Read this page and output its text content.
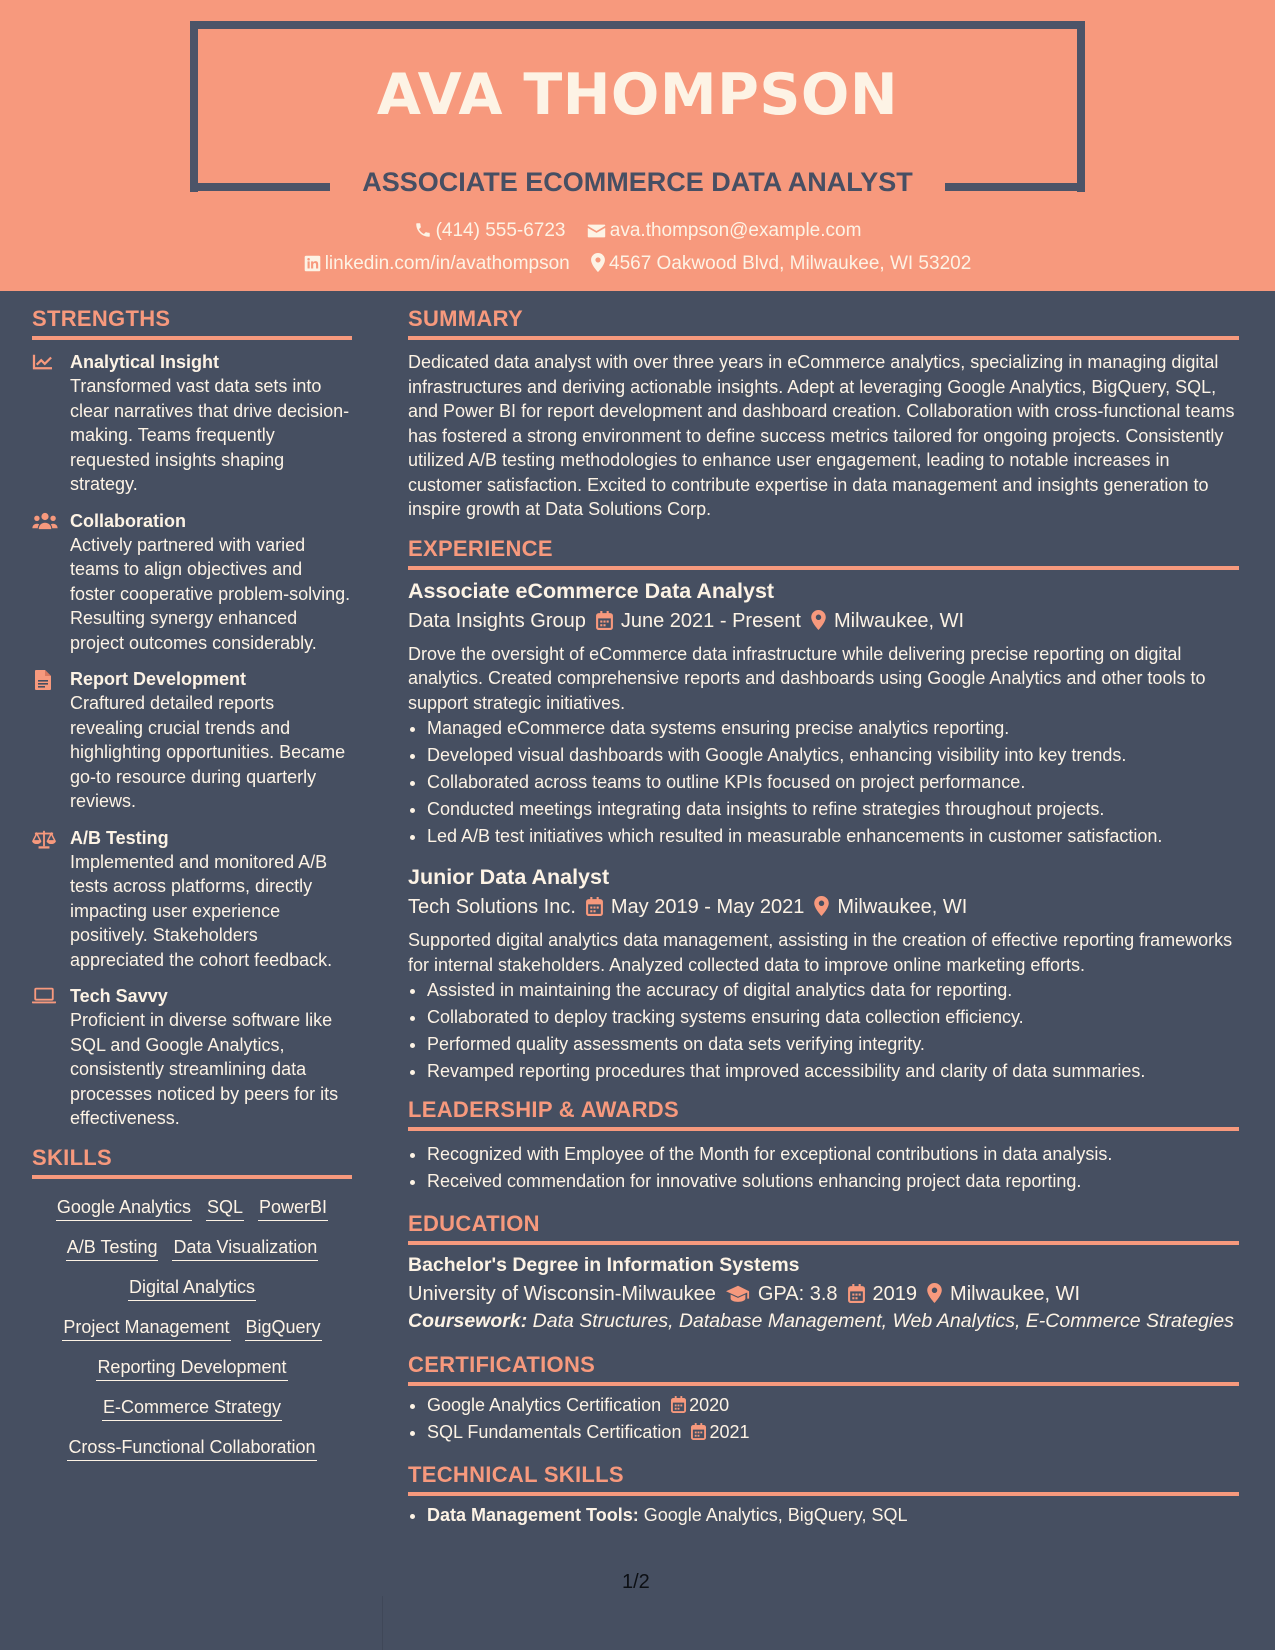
AVA THOMPSON
ASSOCIATE ECOMMERCE DATA ANALYST
(414) 555-6723 ava.thompson@example.com
linkedin.com/in/avathompson 4567 Oakwood Blvd, Milwaukee, WI 53202
STRENGTHS
Analytical Insight
Transformed vast data sets into clear narratives that drive decision-making. Teams frequently requested insights shaping strategy.
Collaboration
Actively partnered with varied teams to align objectives and foster cooperative problem-solving. Resulting synergy enhanced project outcomes considerably.
Report Development
Craftured detailed reports revealing crucial trends and highlighting opportunities. Became go-to resource during quarterly reviews.
A/B Testing
Implemented and monitored A/B tests across platforms, directly impacting user experience positively. Stakeholders appreciated the cohort feedback.
Tech Savvy
Proficient in diverse software like SQL and Google Analytics, consistently streamlining data processes noticed by peers for its effectiveness.
SKILLS
Google Analytics SQL PowerBI
A/B Testing Data Visualization
Digital Analytics
Project Management BigQuery
Reporting Development
E-Commerce Strategy
Cross-Functional Collaboration
SUMMARY
Dedicated data analyst with over three years in eCommerce analytics, specializing in managing digital infrastructures and deriving actionable insights. Adept at leveraging Google Analytics, BigQuery, SQL, and Power BI for report development and dashboard creation. Collaboration with cross-functional teams has fostered a strong environment to define success metrics tailored for ongoing projects. Consistently utilized A/B testing methodologies to enhance user engagement, leading to notable increases in customer satisfaction. Excited to contribute expertise in data management and insights generation to inspire growth at Data Solutions Corp.
EXPERIENCE
Associate eCommerce Data Analyst
Data Insights Group June 2021 - Present Milwaukee, WI
Drove the oversight of eCommerce data infrastructure while delivering precise reporting on digital analytics. Created comprehensive reports and dashboards using Google Analytics and other tools to support strategic initiatives.
• Managed eCommerce data systems ensuring precise analytics reporting.
• Developed visual dashboards with Google Analytics, enhancing visibility into key trends.
• Collaborated across teams to outline KPIs focused on project performance.
• Conducted meetings integrating data insights to refine strategies throughout projects.
• Led A/B test initiatives which resulted in measurable enhancements in customer satisfaction.
Junior Data Analyst
Tech Solutions Inc. May 2019 - May 2021 Milwaukee, WI
Supported digital analytics data management, assisting in the creation of effective reporting frameworks for internal stakeholders. Analyzed collected data to improve online marketing efforts.
• Assisted in maintaining the accuracy of digital analytics data for reporting.
• Collaborated to deploy tracking systems ensuring data collection efficiency.
• Performed quality assessments on data sets verifying integrity.
• Revamped reporting procedures that improved accessibility and clarity of data summaries.
LEADERSHIP & AWARDS
• Recognized with Employee of the Month for exceptional contributions in data analysis.
• Received commendation for innovative solutions enhancing project data reporting.
EDUCATION
Bachelor's Degree in Information Systems
University of Wisconsin-Milwaukee GPA: 3.8 2019 Milwaukee, WI
Coursework: Data Structures, Database Management, Web Analytics, E-Commerce Strategies
CERTIFICATIONS
• Google Analytics Certification 2020
• SQL Fundamentals Certification 2021
TECHNICAL SKILLS
• Data Management Tools: Google Analytics, BigQuery, SQL
1/2
